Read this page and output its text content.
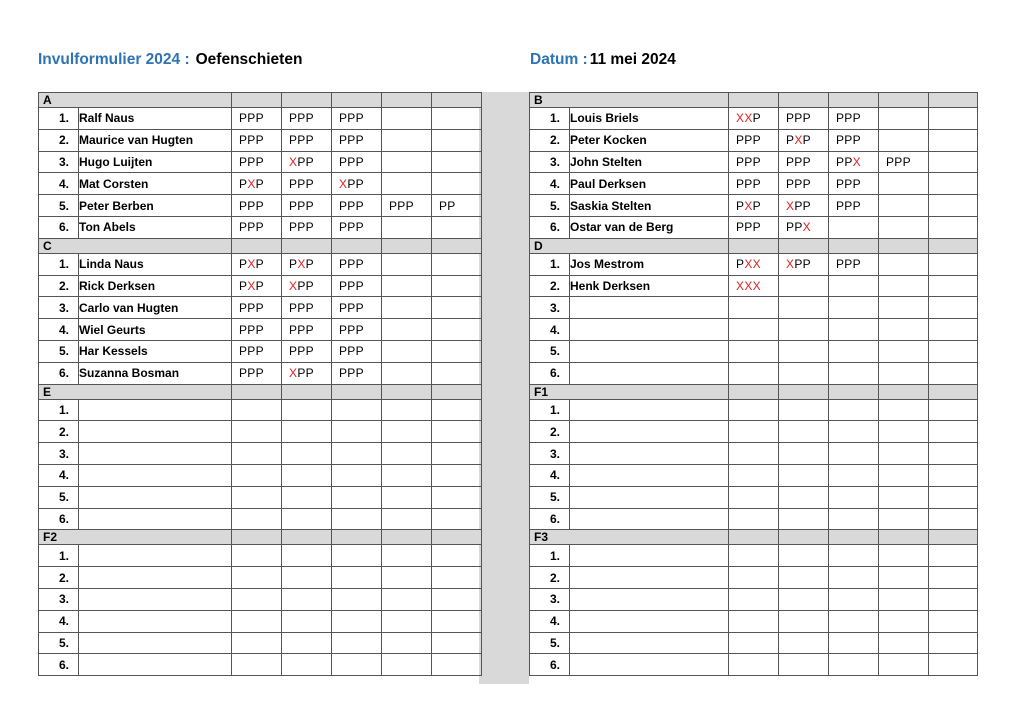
Invulformulier 2024 : Oefenschieten	Datum : 11 mei 2024
A						
1.	Ralf Naus	PPP	PPP	PPP		
2.	Maurice van Hugten	PPP	PPP	PPP		
3.	Hugo Luijten	PPP	XPP	PPP		
4.	Mat Corsten	PXP	PPP	XPP		
5.	Peter Berben	PPP	PPP	PPP	PPP	PP
6.	Ton Abels	PPP	PPP	PPP		
C						
1.	Linda Naus	PXP	PXP	PPP		
2.	Rick Derksen	PXP	XPP	PPP		
3.	Carlo van Hugten	PPP	PPP	PPP		
4.	Wiel Geurts	PPP	PPP	PPP		
5.	Har Kessels	PPP	PPP	PPP		
6.	Suzanna Bosman	PPP	XPP	PPP		
E						
1.						
2.						
3.						
4.						
5.						
6.						
F2						
1.						
2.						
3.						
4.						
5.						
6.						
B						
1.	Louis Briels	XXP	PPP	PPP		
2.	Peter Kocken	PPP	PXP	PPP		
3.	John Stelten	PPP	PPP	PPX	PPP	
4.	Paul Derksen	PPP	PPP	PPP		
5.	Saskia Stelten	PXP	XPP	PPP		
6.	Ostar van de Berg	PPP	PPX			
D						
1.	Jos Mestrom	PXX	XPP	PPP		
2.	Henk Derksen	XXX				
3.						
4.						
5.						
6.						
F1						
1.						
2.						
3.						
4.						
5.						
6.						
F3						
1.						
2.						
3.						
4.						
5.						
6.						
